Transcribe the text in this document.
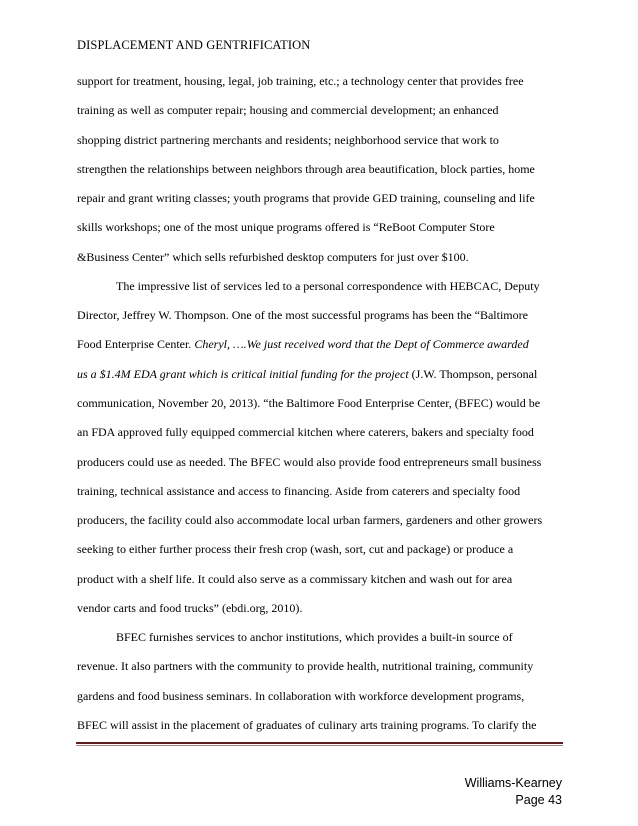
DISPLACEMENT AND GENTRIFICATION
support for treatment, housing, legal, job training, etc.; a technology center that provides free
training as well as computer repair; housing and commercial development; an enhanced
shopping district partnering merchants and residents; neighborhood service that work to
strengthen the relationships between neighbors through area beautification, block parties, home
repair and grant writing classes; youth programs that provide GED training, counseling and life
skills workshops; one of the most unique programs offered is “ReBoot Computer Store
&Business Center” which sells refurbished desktop computers for just over $100.
The impressive list of services led to a personal correspondence with HEBCAC, Deputy
Director, Jeffrey W. Thompson. One of the most successful programs has been the “Baltimore
Food Enterprise Center. Cheryl, ….We just received word that the Dept of Commerce awarded
us a $1.4M EDA grant which is critical initial funding for the project (J.W. Thompson, personal
communication, November 20, 2013). “the Baltimore Food Enterprise Center, (BFEC) would be
an FDA approved fully equipped commercial kitchen where caterers, bakers and specialty food
producers could use as needed. The BFEC would also provide food entrepreneurs small business
training, technical assistance and access to financing. Aside from caterers and specialty food
producers, the facility could also accommodate local urban farmers, gardeners and other growers
seeking to either further process their fresh crop (wash, sort, cut and package) or produce a
product with a shelf life. It could also serve as a commissary kitchen and wash out for area
vendor carts and food trucks” (ebdi.org, 2010).
BFEC furnishes services to anchor institutions, which provides a built-in source of
revenue. It also partners with the community to provide health, nutritional training, community
gardens and food business seminars. In collaboration with workforce development programs,
BFEC will assist in the placement of graduates of culinary arts training programs. To clarify the
Williams-Kearney
Page 43
